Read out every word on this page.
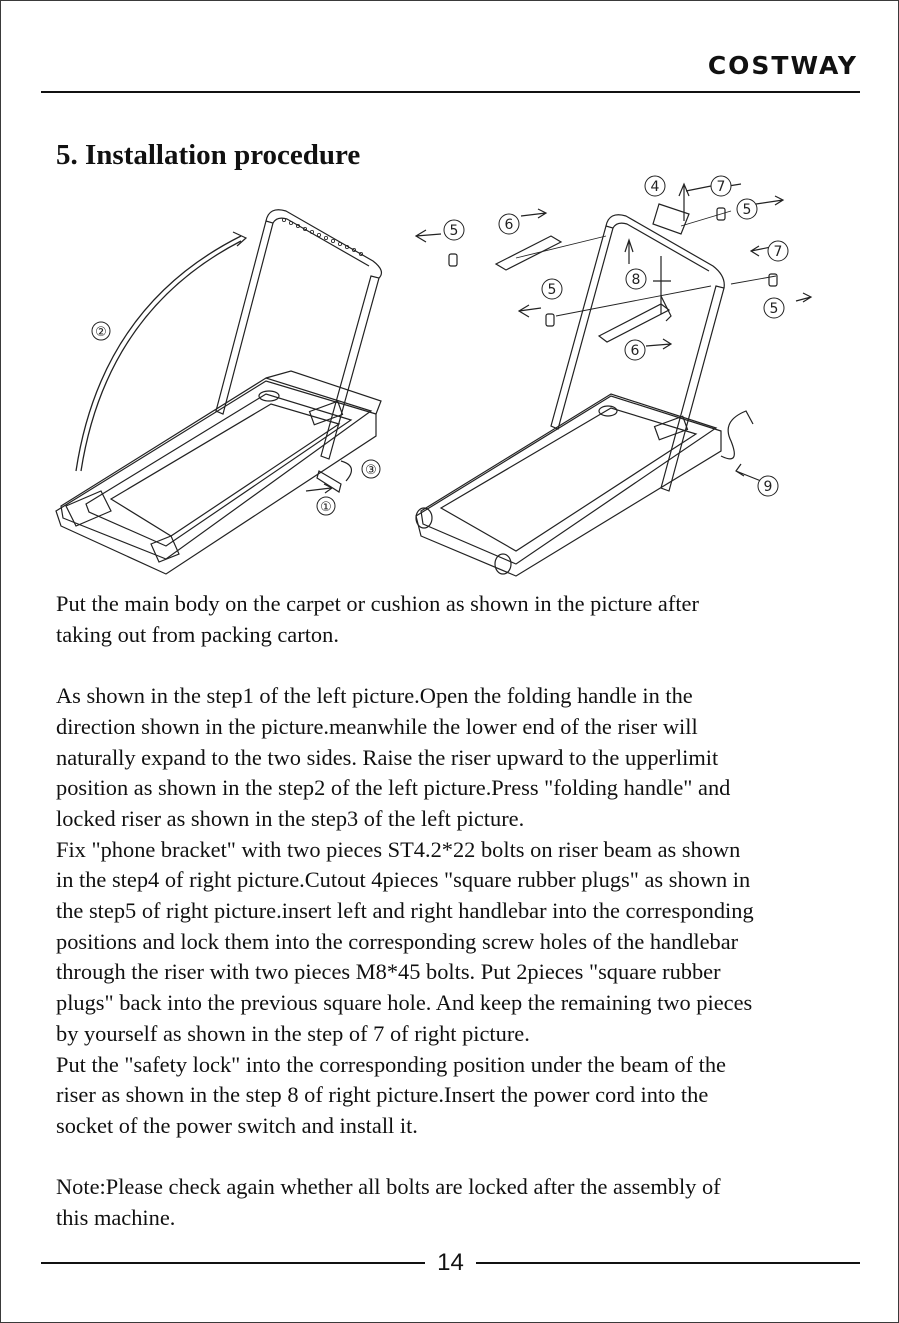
COSTWAY
5. Installation procedure
②
③
①
4	7
5
6
5
7
8
5
5
6
9

Put the main body on the carpet or cushion as shown in the picture after
taking out from packing carton.

As shown in the step1 of the left picture.Open the folding handle in the
direction shown in the picture.meanwhile the lower end of the riser will
naturally expand to the two sides. Raise the riser upward to the upperlimit
position as shown in the step2 of the left picture.Press "folding handle" and
locked riser as shown in the step3 of the left picture.
Fix "phone bracket" with two pieces ST4.2*22 bolts on riser beam as shown
in the step4 of right picture.Cutout 4pieces "square rubber plugs" as shown in
the step5 of right picture.insert left and right handlebar into the corresponding
positions and lock them into the corresponding screw holes of the handlebar
through the riser with two pieces M8*45 bolts. Put 2pieces "square rubber
plugs" back into the previous square hole. And keep the remaining two pieces
by yourself as shown in the step of 7 of right picture.
Put the "safety lock" into the corresponding position under the beam of the
riser as shown in the step 8 of right picture.Insert the power cord into the
socket of the power switch and install it.

Note:Please check again whether all bolts are locked after the assembly of
this machine.

14
